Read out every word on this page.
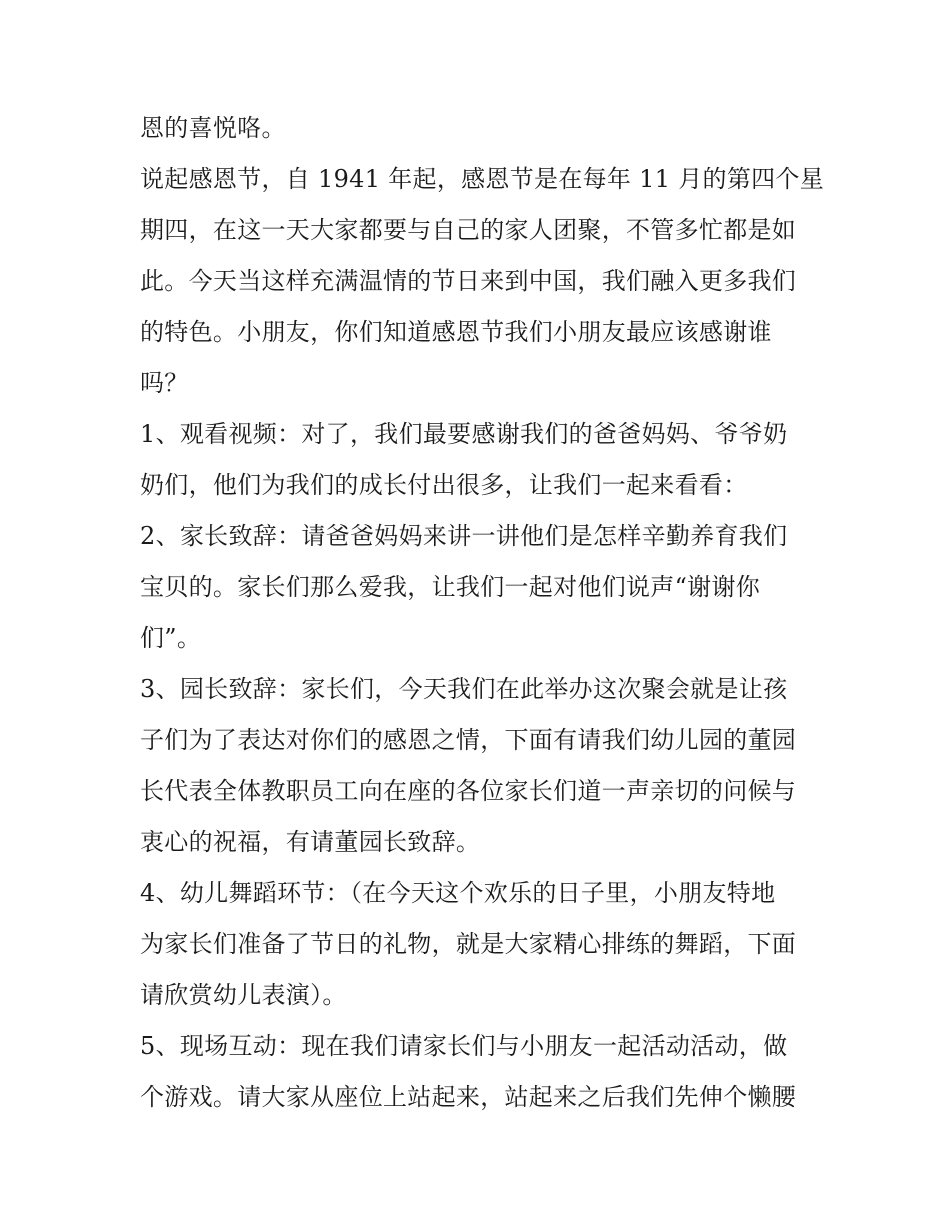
恩的喜悦咯。
说起感恩节，自 1941 年起，感恩节是在每年 11 月的第四个星
期四，在这一天大家都要与自己的家人团聚，不管多忙都是如
此。今天当这样充满温情的节日来到中国，我们融入更多我们
的特色。小朋友，你们知道感恩节我们小朋友最应该感谢谁
吗？
1、观看视频：对了，我们最要感谢我们的爸爸妈妈、爷爷奶
奶们，他们为我们的成长付出很多，让我们一起来看看：
2、家长致辞：请爸爸妈妈来讲一讲他们是怎样辛勤养育我们
宝贝的。家长们那么爱我，让我们一起对他们说声“谢谢你
们”。
3、园长致辞：家长们，今天我们在此举办这次聚会就是让孩
子们为了表达对你们的感恩之情，下面有请我们幼儿园的董园
长代表全体教职员工向在座的各位家长们道一声亲切的问候与
衷心的祝福，有请董园长致辞。
4、幼儿舞蹈环节：（在今天这个欢乐的日子里，小朋友特地
为家长们准备了节日的礼物，就是大家精心排练的舞蹈，下面
请欣赏幼儿表演）。
5、现场互动：现在我们请家长们与小朋友一起活动活动，做
个游戏。请大家从座位上站起来，站起来之后我们先伸个懒腰
